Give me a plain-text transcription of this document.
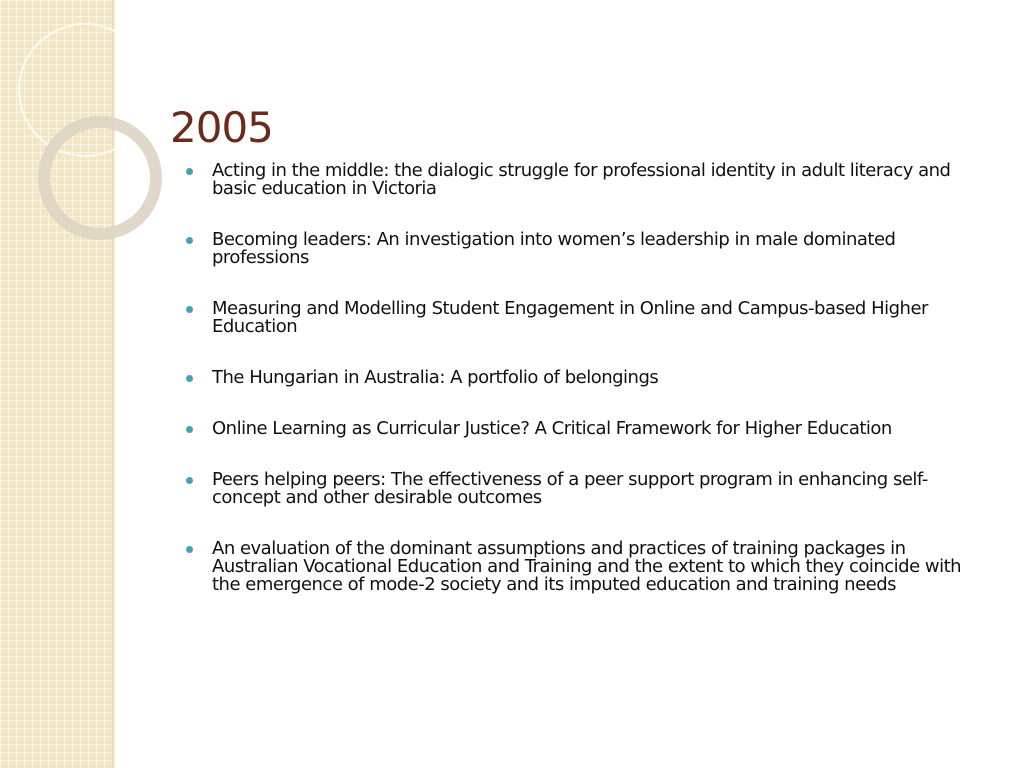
2005
Acting in the middle: the dialogic struggle for professional identity in adult literacy and basic education in Victoria
Becoming leaders: An investigation into women’s leadership in male dominated professions
Measuring and Modelling Student Engagement in Online and Campus-based Higher Education
The Hungarian in Australia: A portfolio of belongings
Online Learning as Curricular Justice? A Critical Framework for Higher Education
Peers helping peers: The effectiveness of a peer support program in enhancing self-concept and other desirable outcomes
An evaluation of the dominant assumptions and practices of training packages in Australian Vocational Education and Training and the extent to which they coincide with the emergence of mode-2 society and its imputed education and training needs
